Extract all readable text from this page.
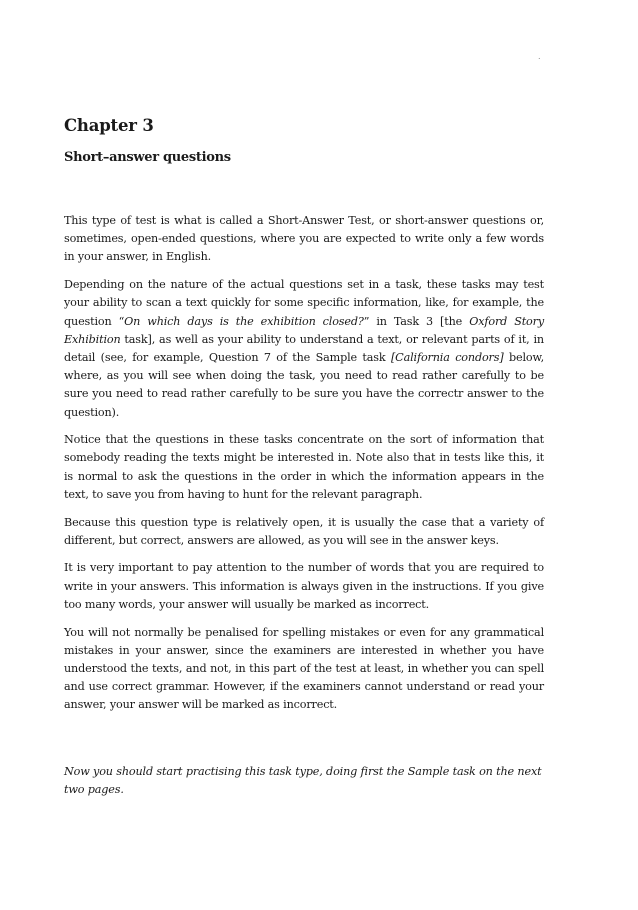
.
Chapter 3
Short–answer questions

This type of test is what is called a Short-Answer Test, or short-answer questions or, sometimes, open-ended questions, where you are expected to write only a few words in your answer, in English.

Depending on the nature of the actual questions set in a task, these tasks may test your ability to scan a text quickly for some specific information, like, for example, the question “On which days is the exhibition closed?” in Task 3 [the Oxford Story Exhibition task], as well as your ability to understand a text, or relevant parts of it, in detail (see, for example, Question 7 of the Sample task [California condors] below, where, as you will see when doing the task, you need to read rather carefully to be sure you need to read rather carefully to be sure you have the correctr answer to the question).

Notice that the questions in these tasks concentrate on the sort of information that somebody reading the texts might be interested in. Note also that in tests like this, it is normal to ask the questions in the order in which the information appears in the text, to save you from having to hunt for the relevant paragraph.

Because this question type is relatively open, it is usually the case that a variety of different, but correct, answers are allowed, as you will see in the answer keys.

It is very important to pay attention to the number of words that you are required to write in your answers. This information is always given in the instructions. If you give too many words, your answer will usually be marked as incorrect.

You will not normally be penalised for spelling mistakes or even for any grammatical mistakes in your answer, since the examiners are interested in whether you have understood the texts, and not, in this part of the test at least, in whether you can spell and use correct grammar. However, if the examiners cannot understand or read your answer, your answer will be marked as incorrect.

Now you should start practising this task type, doing first the Sample task on the next two pages.
